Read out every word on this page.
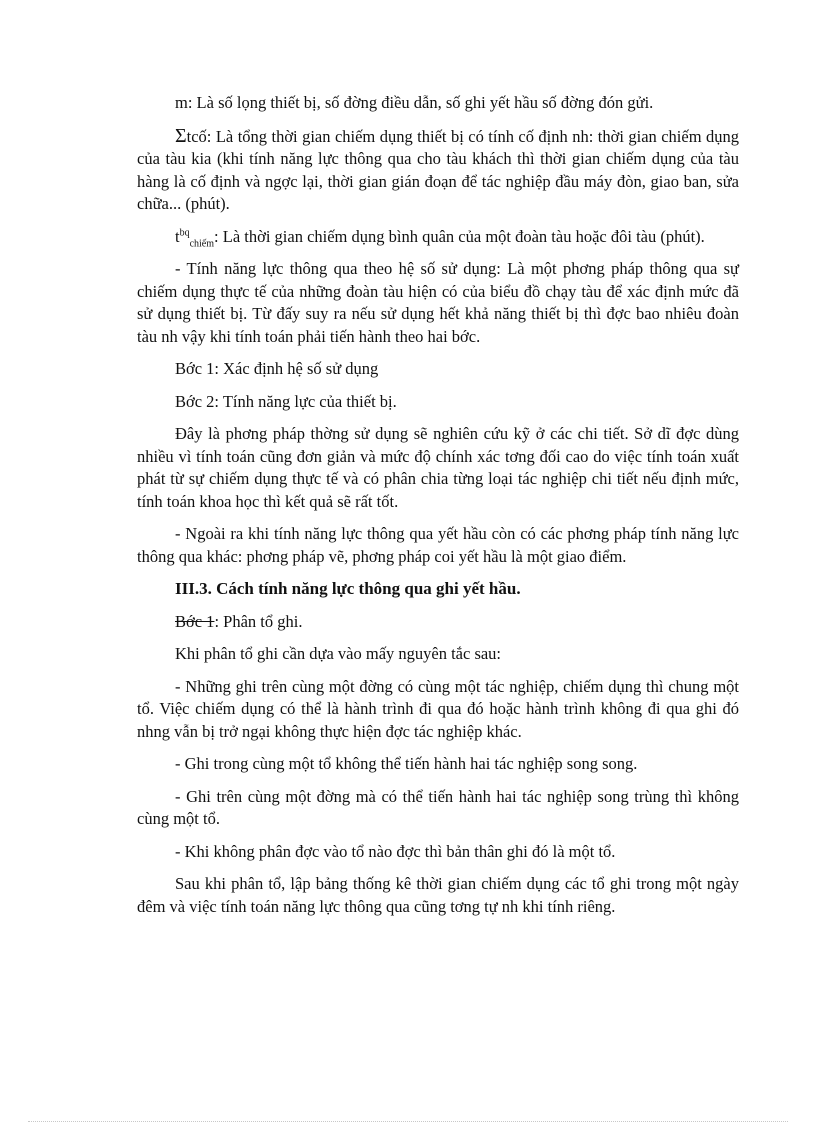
m: Là số lọng thiết bị, số đờng điều dẫn, số ghi yết hầu số đờng đón gửi.

Σtcố: Là tổng thời gian chiếm dụng thiết bị có tính cố định nh: thời gian chiếm dụng của tàu kia (khi tính năng lực thông qua cho tàu khách thì thời gian chiếm dụng của tàu hàng là cố định và ngợc lại, thời gian gián đoạn để tác nghiệp đầu máy đòn, giao ban, sửa chữa... (phút).

$t^{bq}_{chiếm}$: Là thời gian chiếm dụng bình quân của một đoàn tàu hoặc đôi tàu (phút).

- Tính năng lực thông qua theo hệ số sử dụng: Là một phơng pháp thông qua sự chiếm dụng thực tế của những đoàn tàu hiện có của biểu đồ chạy tàu để xác định mức đã sử dụng thiết bị. Từ đấy suy ra nếu sử dụng hết khả năng thiết bị thì đợc bao nhiêu đoàn tàu nh vậy khi tính toán phải tiến hành theo hai bớc.

Bớc 1: Xác định hệ số sử dụng

Bớc 2: Tính năng lực của thiết bị.

Đây là phơng pháp thờng sử dụng sẽ nghiên cứu kỹ ở các chi tiết. Sở dĩ đợc dùng nhiều vì tính toán cũng đơn giản và mức độ chính xác tơng đối cao do việc tính toán xuất phát từ sự chiếm dụng thực tế và có phân chia từng loại tác nghiệp chi tiết nếu định mức, tính toán khoa học thì kết quả sẽ rất tốt.

- Ngoài ra khi tính năng lực thông qua yết hầu còn có các phơng pháp tính năng lực thông qua khác: phơng pháp vẽ, phơng pháp coi yết hầu là một giao điểm.

III.3. Cách tính năng lực thông qua ghi yết hầu.

Bớc 1: Phân tổ ghi.

Khi phân tổ ghi cần dựa vào mấy nguyên tắc sau:

- Những ghi trên cùng một đờng có cùng một tác nghiệp, chiếm dụng thì chung một tổ. Việc chiếm dụng có thể là hành trình đi qua đó hoặc hành trình không đi qua ghi đó nhng vẫn bị trở ngại không thực hiện đợc tác nghiệp khác.

- Ghi trong cùng một tổ không thể tiến hành hai tác nghiệp song song.

- Ghi trên cùng một đờng mà có thể tiến hành hai tác nghiệp song trùng thì không cùng một tổ.

- Khi không phân đợc vào tổ nào đợc thì bản thân ghi đó là một tổ.

Sau khi phân tổ, lập bảng thống kê thời gian chiếm dụng các tổ ghi trong một ngày đêm và việc tính toán năng lực thông qua cũng tơng tự nh khi tính riêng.
